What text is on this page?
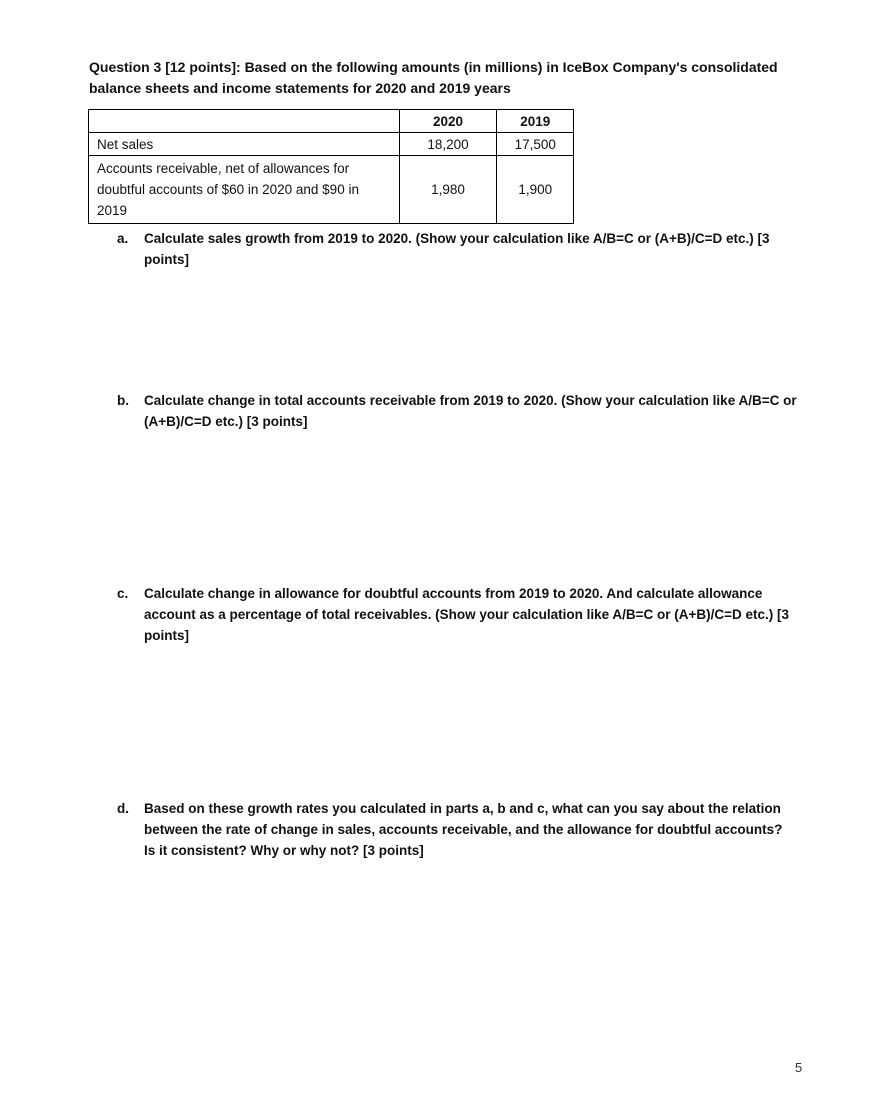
Question 3 [12 points]: Based on the following amounts (in millions) in IceBox Company's consolidated balance sheets and income statements for 2020 and 2019 years
	2020	2019
Net sales	18,200	17,500
Accounts receivable, net of allowances for doubtful accounts of $60 in 2020 and $90 in 2019	1,980	1,900
a. Calculate sales growth from 2019 to 2020. (Show your calculation like A/B=C or (A+B)/C=D etc.) [3 points]
b. Calculate change in total accounts receivable from 2019 to 2020. (Show your calculation like A/B=C or (A+B)/C=D etc.) [3 points]
c. Calculate change in allowance for doubtful accounts from 2019 to 2020. And calculate allowance account as a percentage of total receivables. (Show your calculation like A/B=C or (A+B)/C=D etc.) [3 points]
d. Based on these growth rates you calculated in parts a, b and c, what can you say about the relation between the rate of change in sales, accounts receivable, and the allowance for doubtful accounts? Is it consistent? Why or why not? [3 points]
5
